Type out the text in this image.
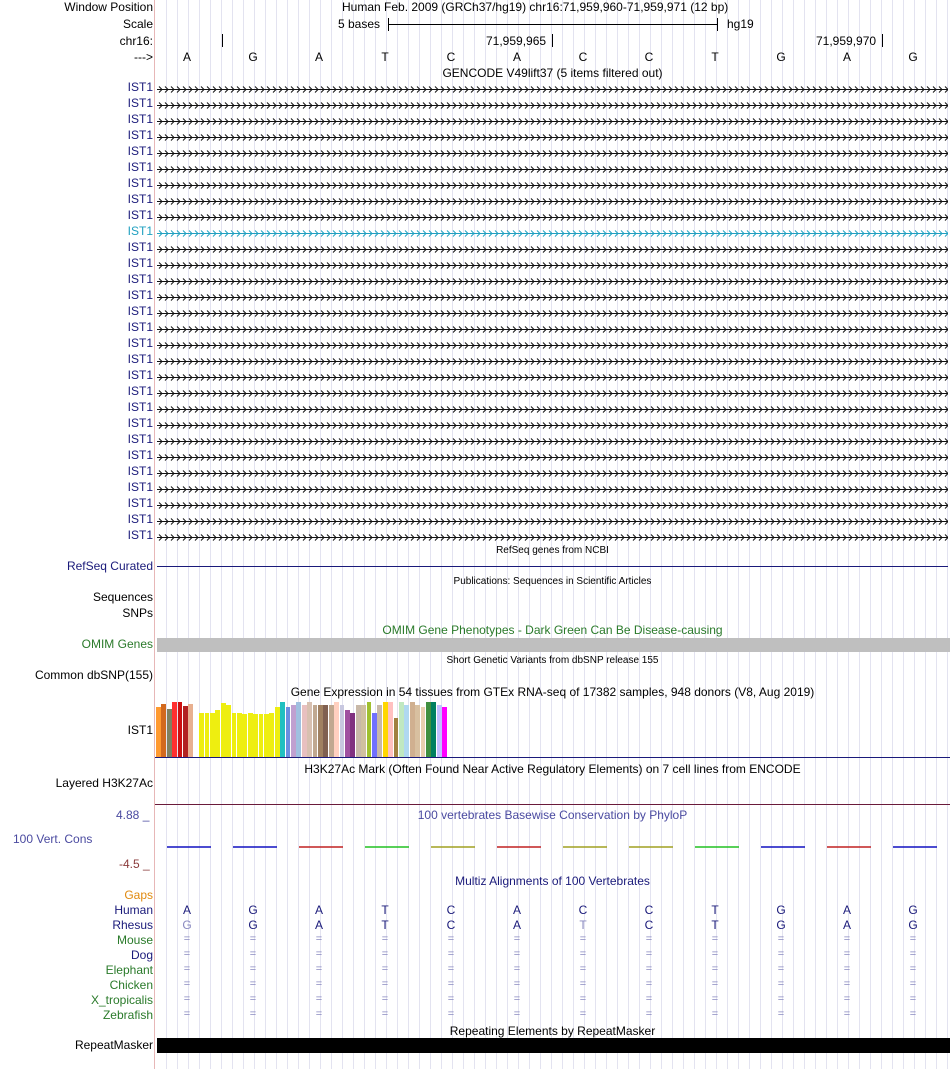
Window Position	Human Feb. 2009 (GRCh37/hg19) chr16:71,959,960-71,959,971 (12 bp)
Scale	5 bases	hg19
chr16:	71,959,965	71,959,970
--->	A	G	A	T	C	A	C	C	T	G	A	G
GENCODE V49lift37 (5 items filtered out)
IST1
IST1
IST1
IST1
IST1
IST1
IST1
IST1
IST1
IST1
IST1
IST1
IST1
IST1
IST1
IST1
IST1
IST1
IST1
IST1
IST1
IST1
IST1
IST1
IST1
IST1
IST1
IST1
IST1
RefSeq genes from NCBI
RefSeq Curated
Publications: Sequences in Scientific Articles
Sequences
SNPs
OMIM Gene Phenotypes - Dark Green Can Be Disease-causing
OMIM Genes
Short Genetic Variants from dbSNP release 155
Common dbSNP(155)
Gene Expression in 54 tissues from GTEx RNA-seq of 17382 samples, 948 donors (V8, Aug 2019)
IST1
H3K27Ac Mark (Often Found Near Active Regulatory Elements) on 7 cell lines from ENCODE
Layered H3K27Ac
100 vertebrates Basewise Conservation by PhyloP
4.88 _
100 Vert. Cons
-4.5 _
Multiz Alignments of 100 Vertebrates
Gaps
Human	A	G	A	T	C	A	C	C	T	G	A	G
Rhesus	G	G	A	T	C	A	T	C	T	G	A	G
Mouse	=	=	=	=	=	=	=	=	=	=	=	=
Dog	=	=	=	=	=	=	=	=	=	=	=	=
Elephant	=	=	=	=	=	=	=	=	=	=	=	=
Chicken	=	=	=	=	=	=	=	=	=	=	=	=
X_tropicalis	=	=	=	=	=	=	=	=	=	=	=	=
Zebrafish	=	=	=	=	=	=	=	=	=	=	=	=
Repeating Elements by RepeatMasker
RepeatMasker
